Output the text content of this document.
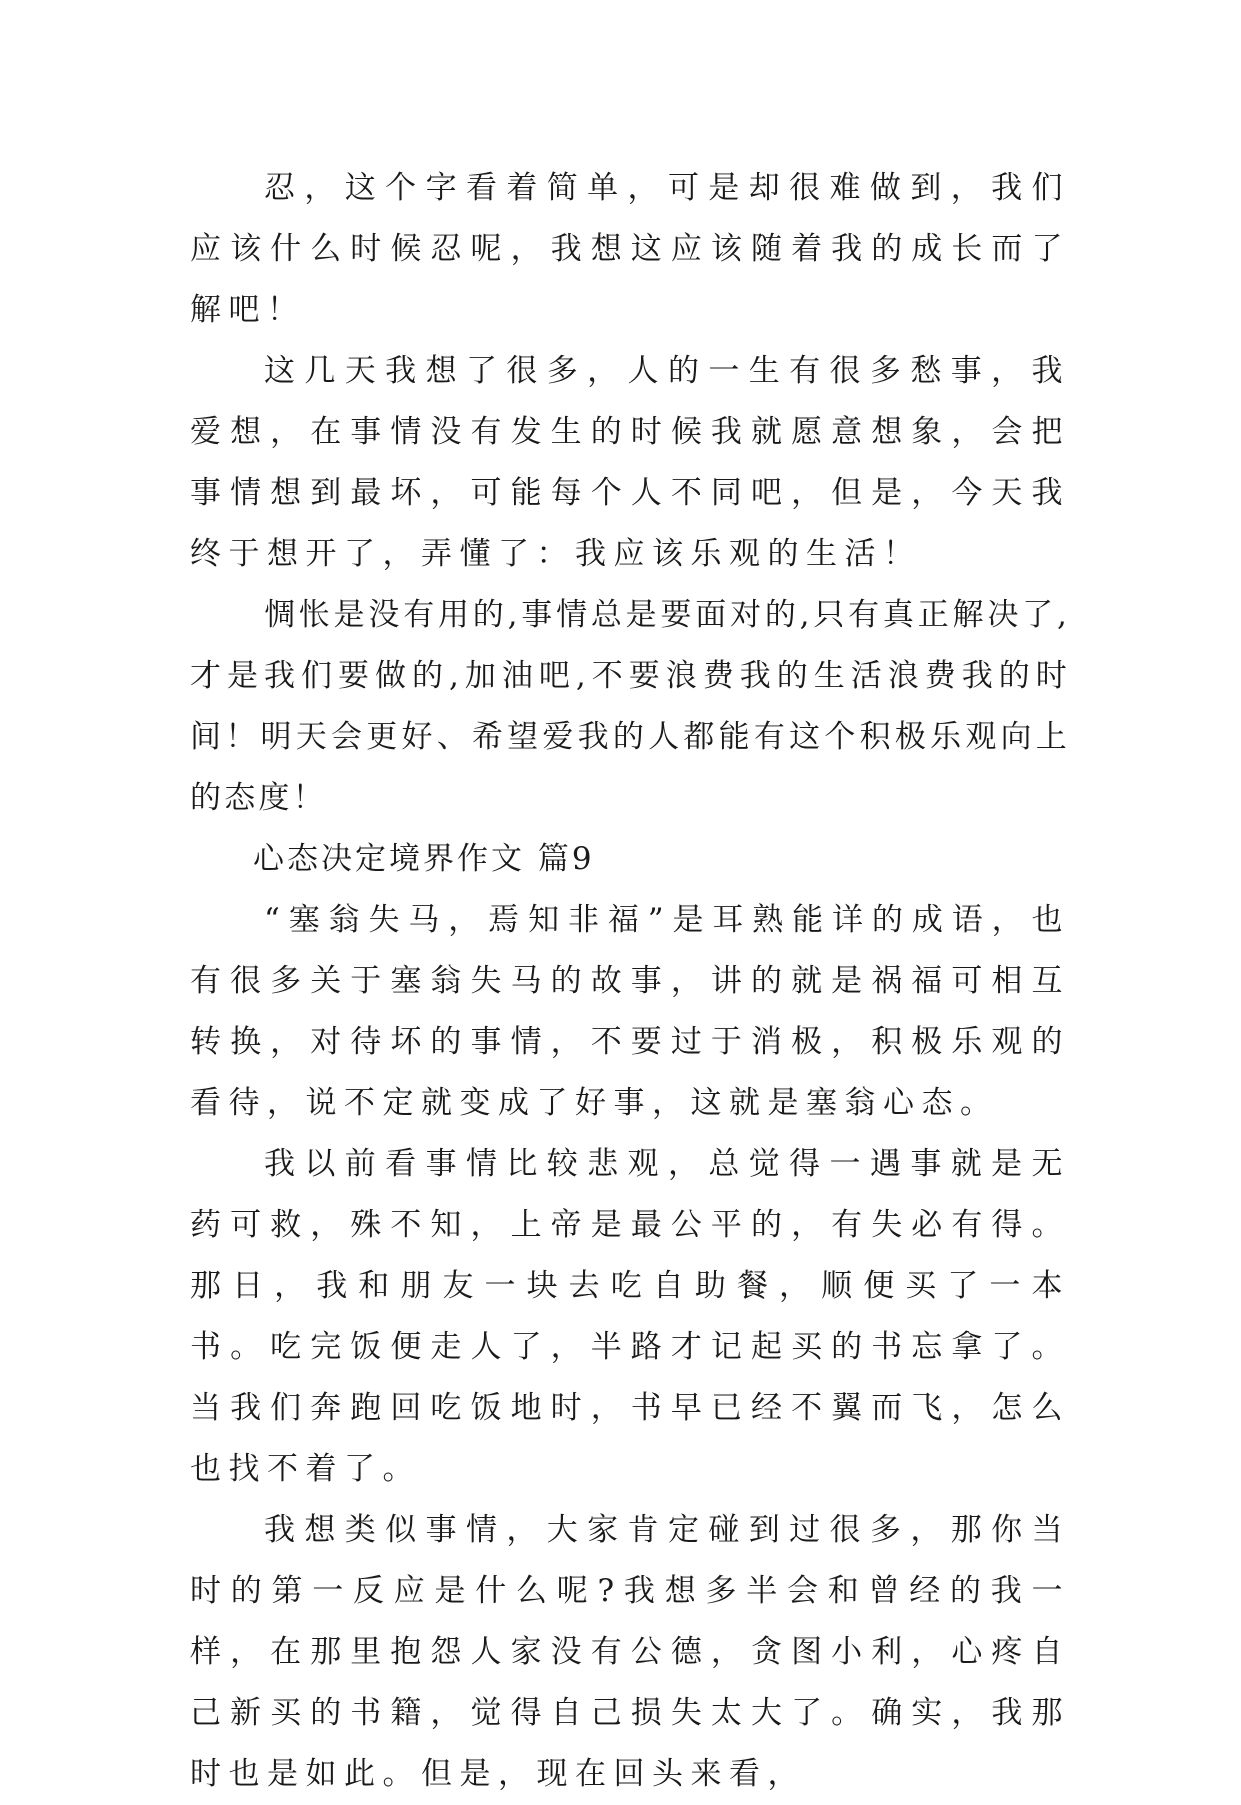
忍，这个字看着简单，可是却很难做到，我们应该什么时候忍呢，我想这应该随着我的成长而了解吧！

这几天我想了很多，人的一生有很多愁事，我爱想，在事情没有发生的时候我就愿意想象，会把事情想到最坏，可能每个人不同吧，但是，今天我终于想开了，弄懂了：我应该乐观的生活！

惆怅是没有用的,事情总是要面对的,只有真正解决了,才是我们要做的,加油吧,不要浪费我的生活浪费我的时间！明天会更好、希望爱我的人都能有这个积极乐观向上的态度！

心态决定境界作文 篇9

“塞翁失马，焉知非福”是耳熟能详的成语，也有很多关于塞翁失马的故事，讲的就是祸福可相互转换，对待坏的事情，不要过于消极，积极乐观的看待，说不定就变成了好事，这就是塞翁心态。

我以前看事情比较悲观，总觉得一遇事就是无药可救，殊不知，上帝是最公平的，有失必有得。那日，我和朋友一块去吃自助餐，顺便买了一本书。吃完饭便走人了，半路才记起买的书忘拿了。当我们奔跑回吃饭地时，书早已经不翼而飞，怎么也找不着了。

我想类似事情，大家肯定碰到过很多，那你当时的第一反应是什么呢?我想多半会和曾经的我一样，在那里抱怨人家没有公德，贪图小利，心疼自己新买的书籍，觉得自己损失太大了。确实，我那时也是如此。但是，现在回头来看，
